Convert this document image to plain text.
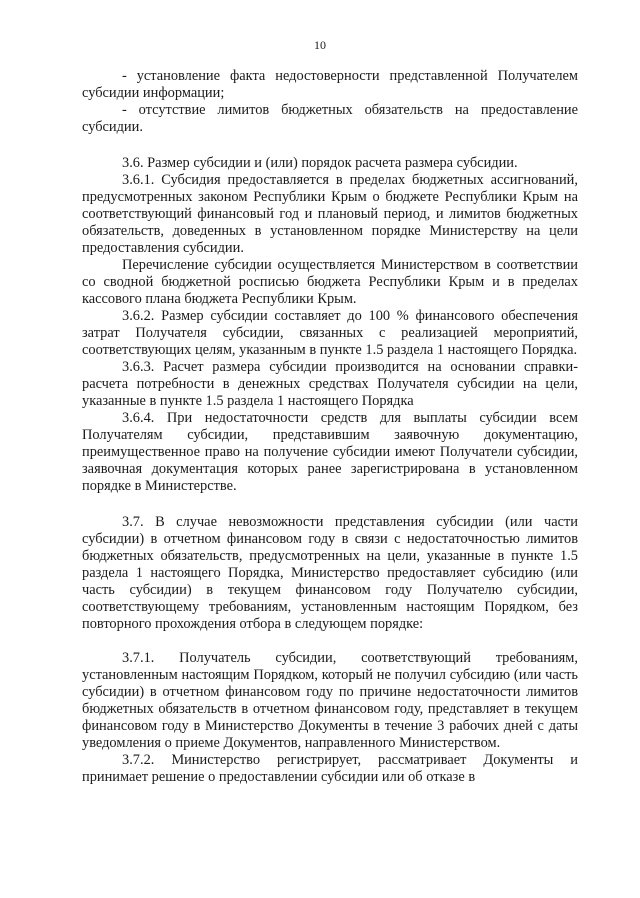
10

- установление факта недостоверности представленной Получателем субсидии информации;

- отсутствие лимитов бюджетных обязательств на предоставление субсидии.

3.6. Размер субсидии и (или) порядок расчета размера субсидии.

3.6.1. Субсидия предоставляется в пределах бюджетных ассигнований, предусмотренных законом Республики Крым о бюджете Республики Крым на соответствующий финансовый год и плановый период, и лимитов бюджетных обязательств, доведенных в установленном порядке Министерству на цели предоставления субсидии.

Перечисление субсидии осуществляется Министерством в соответствии со сводной бюджетной росписью бюджета Республики Крым и в пределах кассового плана бюджета Республики Крым.

3.6.2. Размер субсидии составляет до 100 % финансового обеспечения затрат Получателя субсидии, связанных с реализацией мероприятий, соответствующих целям, указанным в пункте 1.5 раздела 1 настоящего Порядка.

3.6.3. Расчет размера субсидии производится на основании справки-расчета потребности в денежных средствах Получателя субсидии на цели, указанные в пункте 1.5 раздела 1 настоящего Порядка

3.6.4. При недостаточности средств для выплаты субсидии всем Получателям субсидии, представившим заявочную документацию, преимущественное право на получение субсидии имеют Получатели субсидии, заявочная документация которых ранее зарегистрирована в установленном порядке в Министерстве.

3.7. В случае невозможности представления субсидии (или части субсидии) в отчетном финансовом году в связи с недостаточностью лимитов бюджетных обязательств, предусмотренных на цели, указанные в пункте 1.5 раздела 1 настоящего Порядка, Министерство предоставляет субсидию (или часть субсидии) в текущем финансовом году Получателю субсидии, соответствующему требованиям, установленным настоящим Порядком, без повторного прохождения отбора в следующем порядке:

3.7.1. Получатель субсидии, соответствующий требованиям, установленным настоящим Порядком, который не получил субсидию (или часть субсидии) в отчетном финансовом году по причине недостаточности лимитов бюджетных обязательств в отчетном финансовом году, представляет в текущем финансовом году в Министерство Документы в течение 3 рабочих дней с даты уведомления о приеме Документов, направленного Министерством.

3.7.2. Министерство регистрирует, рассматривает Документы и принимает решение о предоставлении субсидии или об отказе в
